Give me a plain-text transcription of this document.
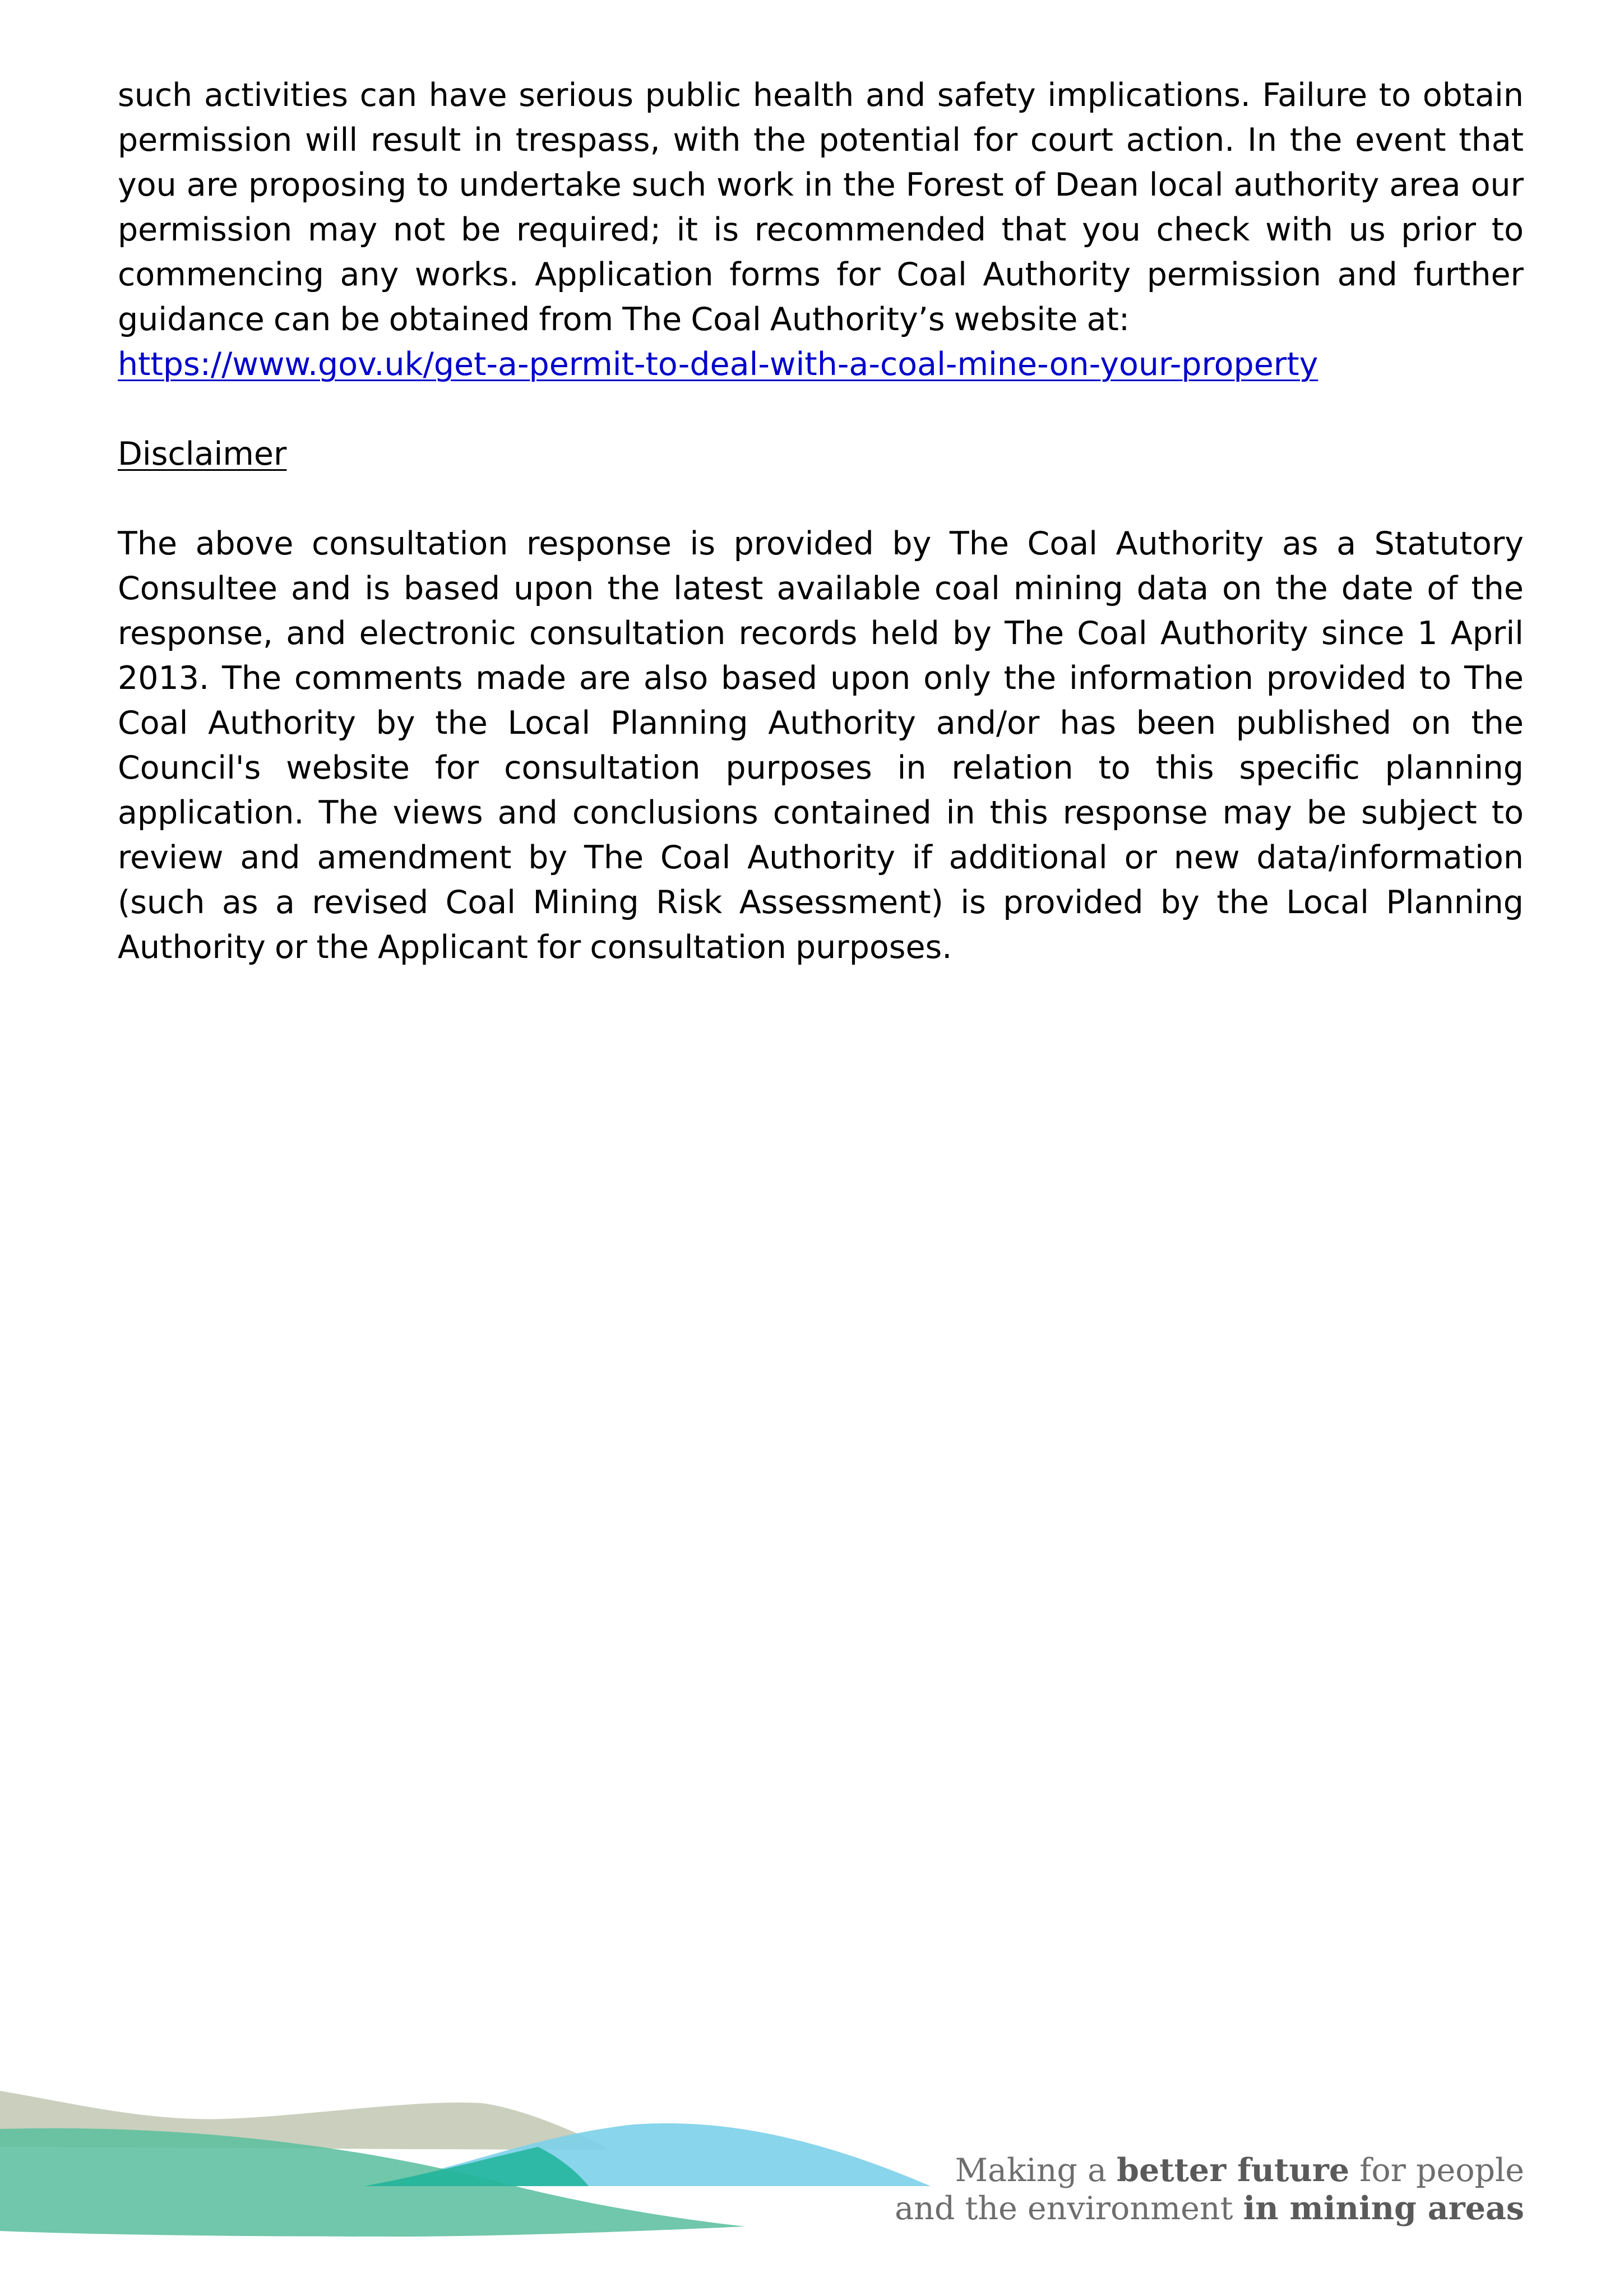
such activities can have serious public health and safety implications. Failure to obtain permission will result in trespass, with the potential for court action. In the event that you are proposing to undertake such work in the Forest of Dean local authority area our permission may not be required; it is recommended that you check with us prior to commencing any works. Application forms for Coal Authority permission and further guidance can be obtained from The Coal Authority’s website at:

https://www.gov.uk/get-a-permit-to-deal-with-a-coal-mine-on-your-property
Disclaimer

The above consultation response is provided by The Coal Authority as a Statutory Consultee and is based upon the latest available coal mining data on the date of the response, and electronic consultation records held by The Coal Authority since 1 April 2013. The comments made are also based upon only the information provided to The Coal Authority by the Local Planning Authority and/or has been published on the Council's website for consultation purposes in relation to this specific planning application. The views and conclusions contained in this response may be subject to review and amendment by The Coal Authority if additional or new data/information (such as a revised Coal Mining Risk Assessment) is provided by the Local Planning Authority or the Applicant for consultation purposes.

Making a better future for people
and the environment in mining areas
